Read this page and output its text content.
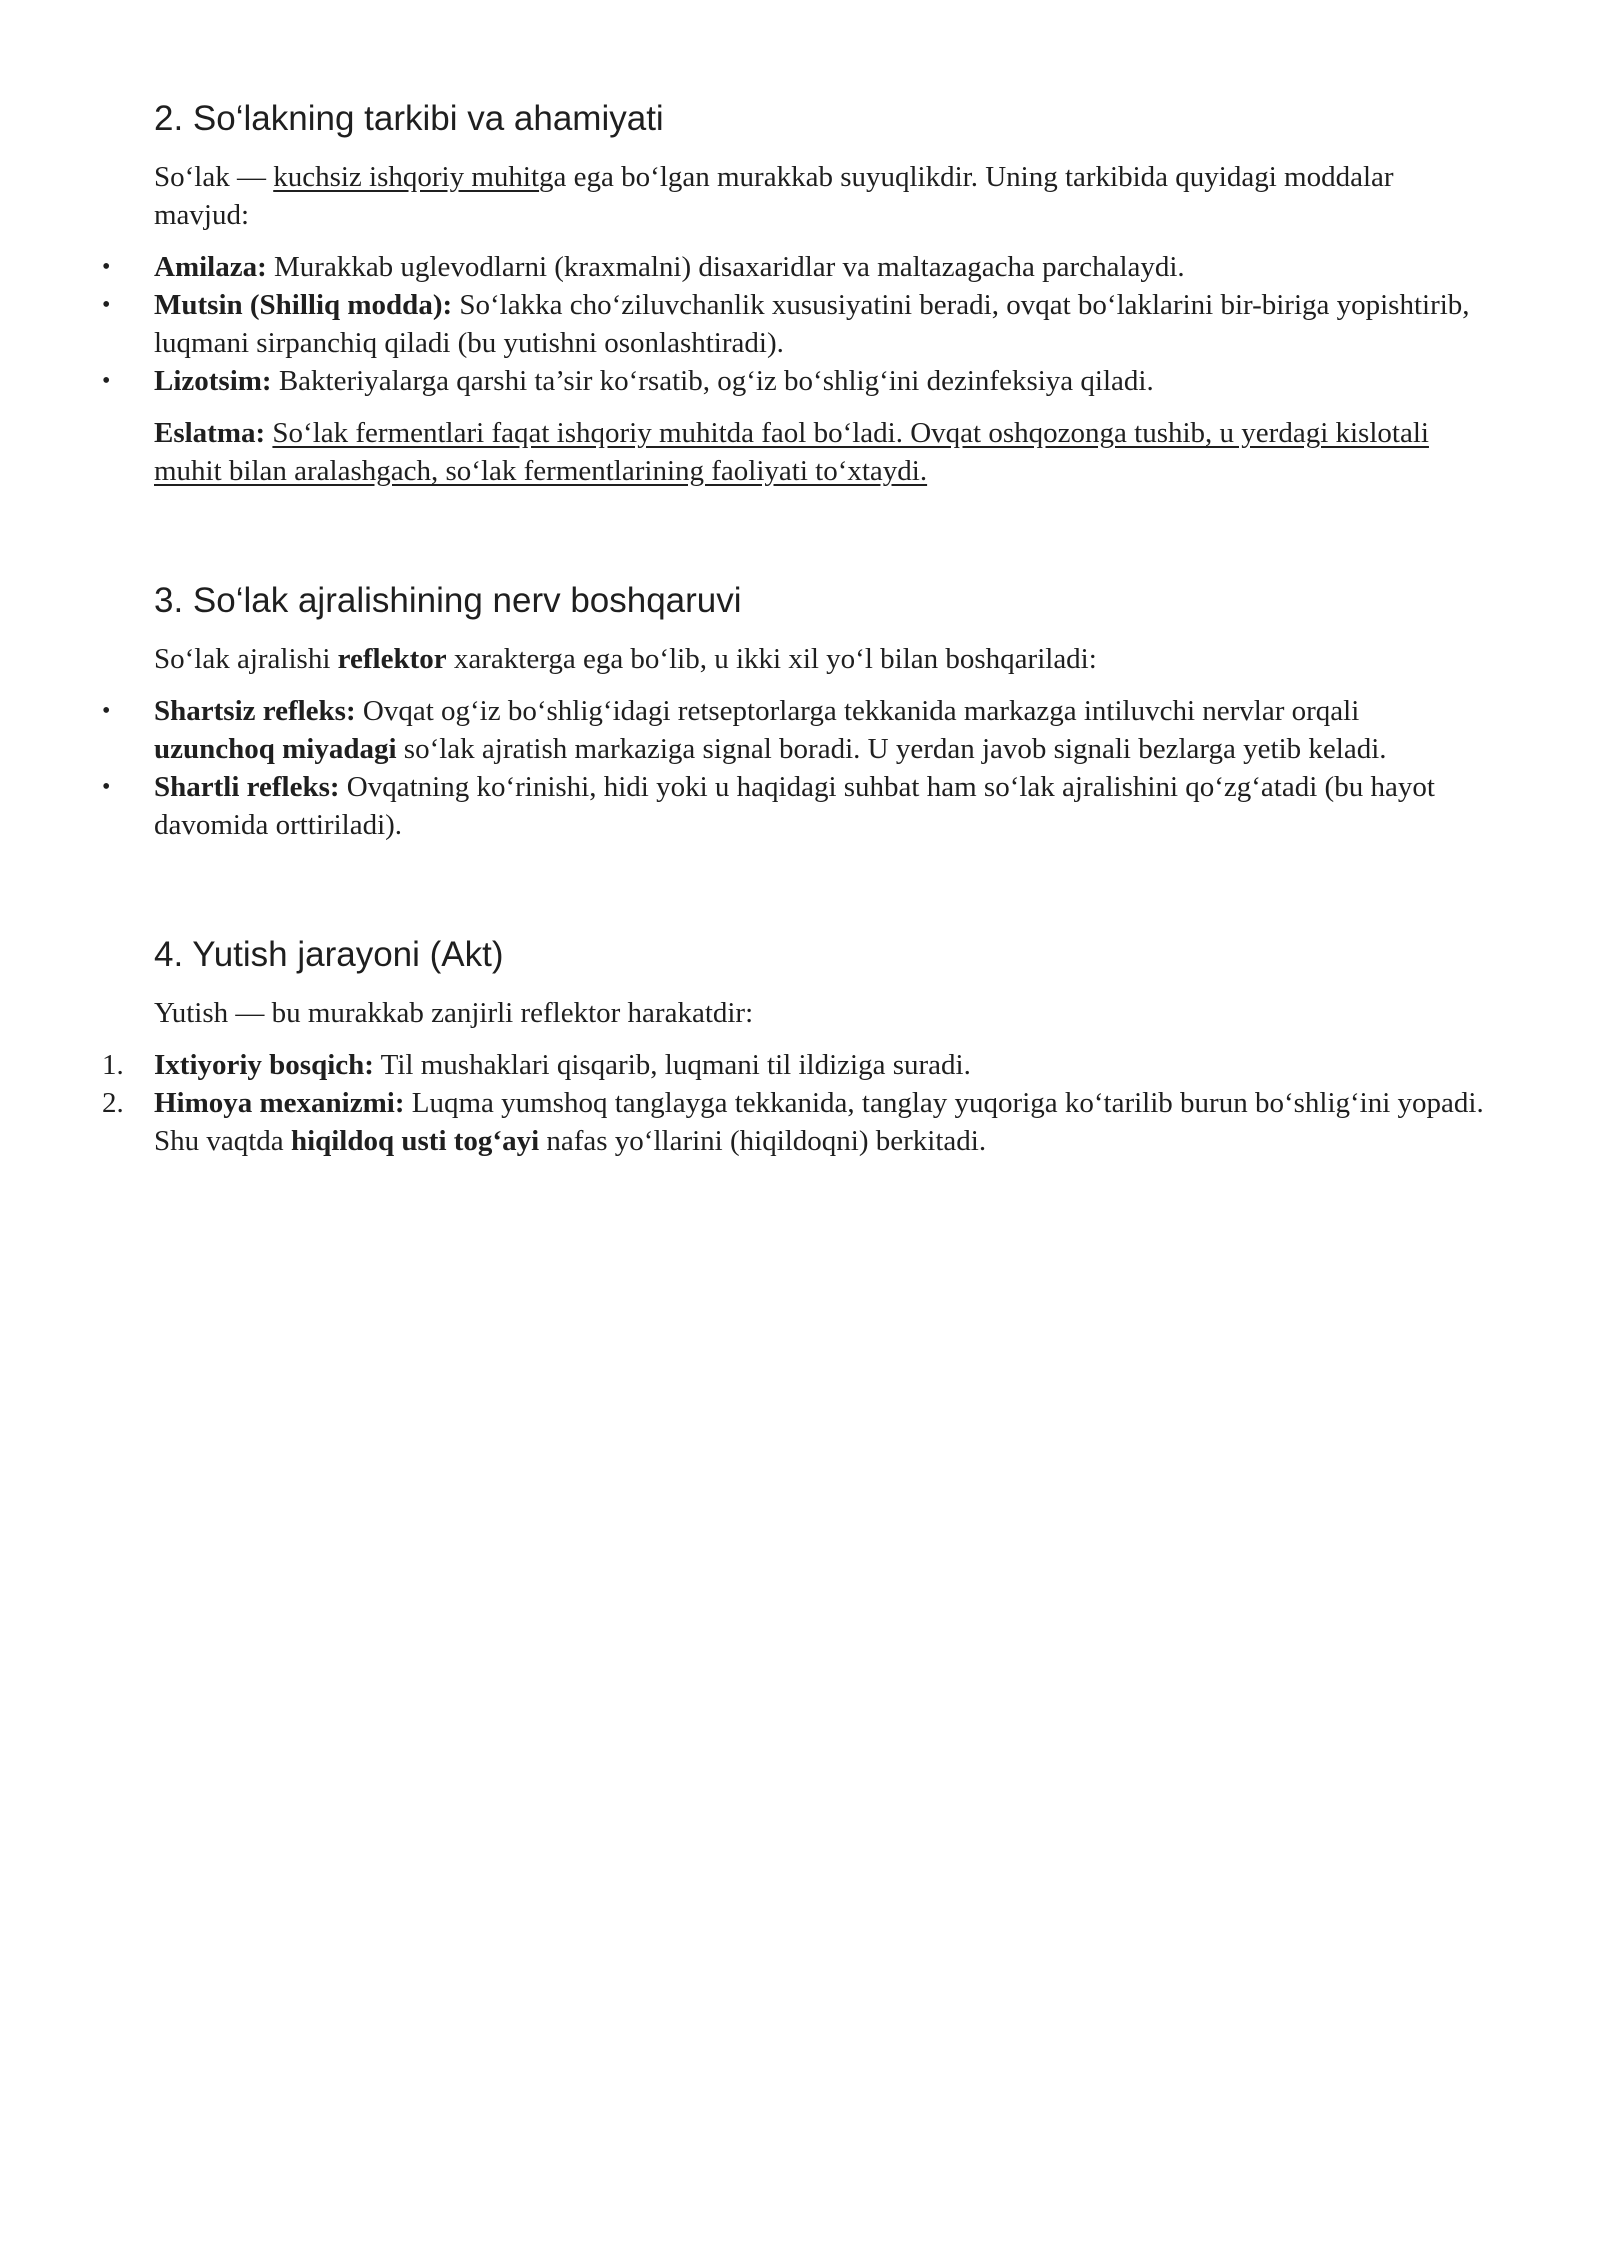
2. So‘lakning tarkibi va ahamiyati

So‘lak — kuchsiz ishqoriy muhitga ega bo‘lgan murakkab suyuqlikdir. Uning tarkibida quyidagi moddalar mavjud:

•	Amilaza: Murakkab uglevodlarni (kraxmalni) disaxaridlar va maltazagacha parchalaydi.
•	Mutsin (Shilliq modda): So‘lakka cho‘ziluvchanlik xususiyatini beradi, ovqat bo‘laklarini bir-biriga yopishtirib, luqmani sirpanchiq qiladi (bu yutishni osonlashtiradi).
•	Lizotsim: Bakteriyalarga qarshi ta’sir ko‘rsatib, og‘iz bo‘shlig‘ini dezinfeksiya qiladi.

Eslatma: So‘lak fermentlari faqat ishqoriy muhitda faol bo‘ladi. Ovqat oshqozonga tushib, u yerdagi kislotali muhit bilan aralashgach, so‘lak fermentlarining faoliyati to‘xtaydi.

3. So‘lak ajralishining nerv boshqaruvi

So‘lak ajralishi reflektor xarakterga ega bo‘lib, u ikki xil yo‘l bilan boshqariladi:

•	Shartsiz refleks: Ovqat og‘iz bo‘shlig‘idagi retseptorlarga tekkanida markazga intiluvchi nervlar orqali uzunchoq miyadagi so‘lak ajratish markaziga signal boradi. U yerdan javob signali bezlarga yetib keladi.
•	Shartli refleks: Ovqatning ko‘rinishi, hidi yoki u haqidagi suhbat ham so‘lak ajralishini qo‘zg‘atadi (bu hayot davomida orttiriladi).
4. Yutish jarayoni (Akt)

Yutish — bu murakkab zanjirli reflektor harakatdir:

1.	Ixtiyoriy bosqich: Til mushaklari qisqarib, luqmani til ildiziga suradi.
2.	Himoya mexanizmi: Luqma yumshoq tanglayga tekkanida, tanglay yuqoriga ko‘tarilib burun bo‘shlig‘ini yopadi. Shu vaqtda hiqildoq usti tog‘ayi nafas yo‘llarini (hiqildoqni) berkitadi.
